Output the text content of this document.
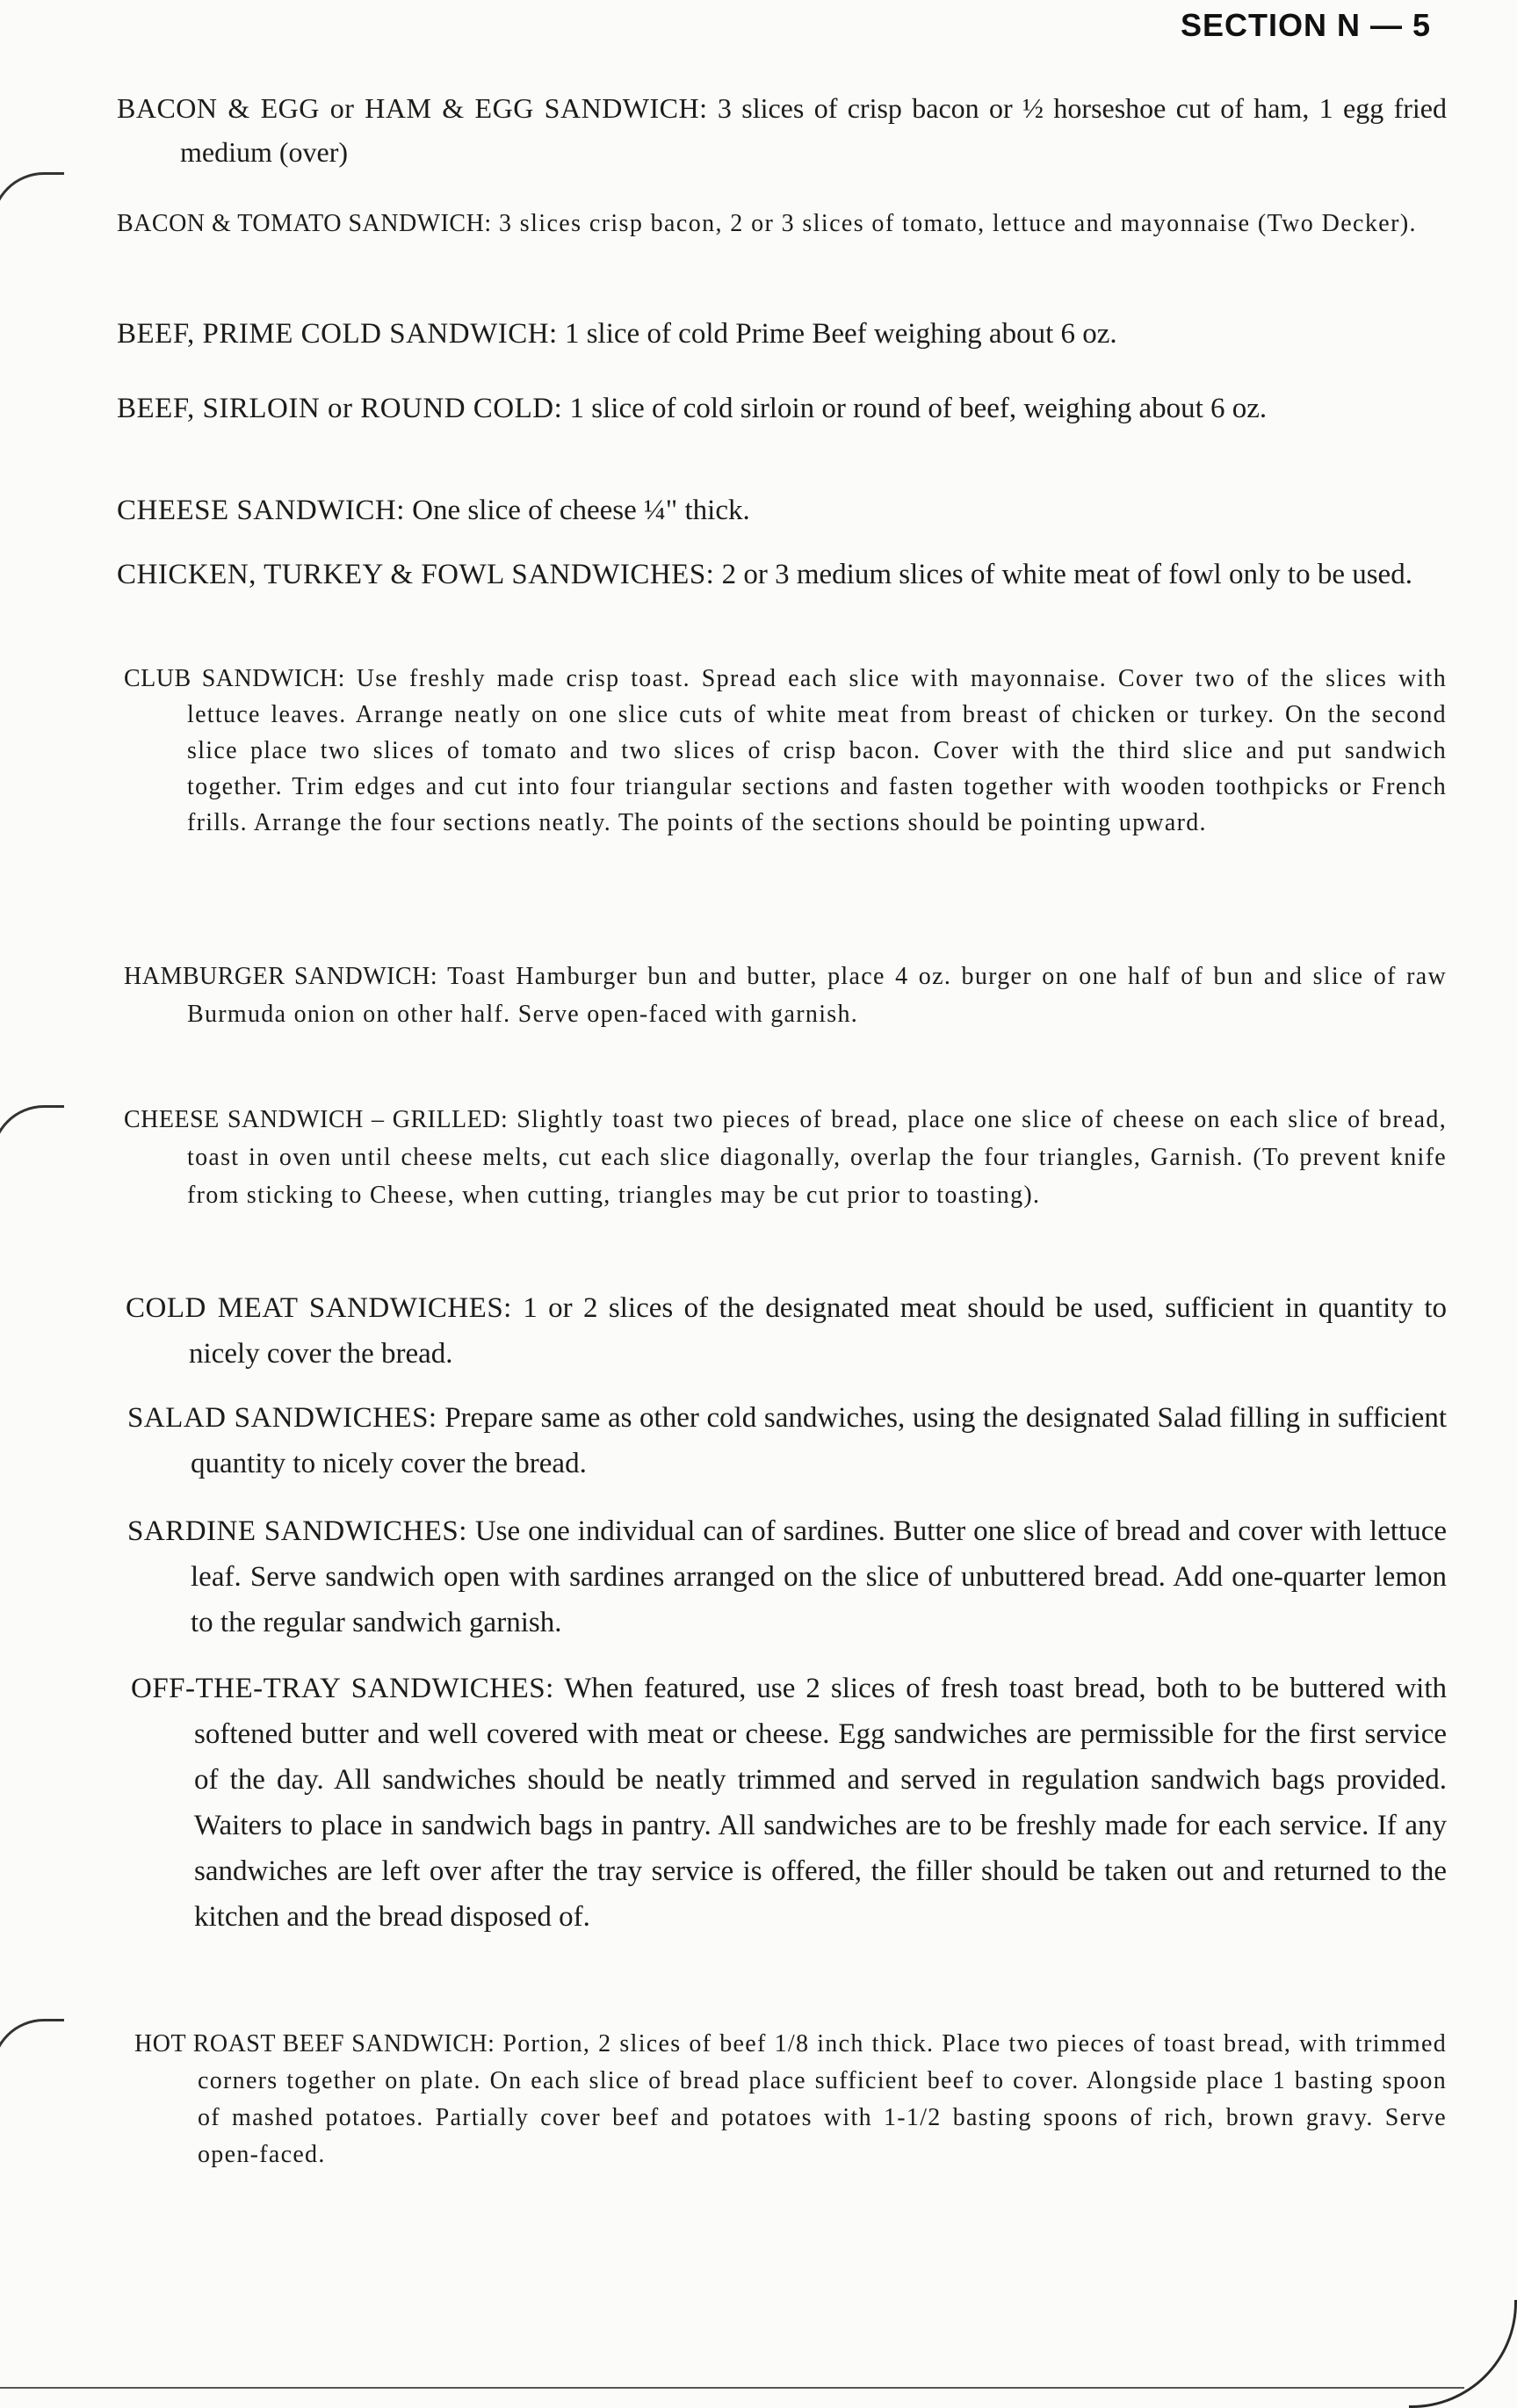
SECTION N — 5
BACON & EGG or HAM & EGG SANDWICH: 3 slices of crisp bacon or ½ horseshoe cut of ham, 1 egg fried medium (over)
BACON & TOMATO SANDWICH: 3 slices crisp bacon, 2 or 3 slices of tomato, lettuce and mayonnaise (Two Decker).
BEEF, PRIME COLD SANDWICH: 1 slice of cold Prime Beef weighing about 6 oz.
BEEF, SIRLOIN or ROUND COLD: 1 slice of cold sirloin or round of beef, weighing about 6 oz.
CHEESE SANDWICH: One slice of cheese ¼" thick.
CHICKEN, TURKEY & FOWL SANDWICHES: 2 or 3 medium slices of white meat of fowl only to be used.
CLUB SANDWICH: Use freshly made crisp toast. Spread each slice with mayonnaise. Cover two of the slices with lettuce leaves. Arrange neatly on one slice cuts of white meat from breast of chicken or turkey. On the second slice place two slices of tomato and two slices of crisp bacon. Cover with the third slice and put sandwich together. Trim edges and cut into four triangular sections and fasten together with wooden toothpicks or French frills. Arrange the four sections neatly. The points of the sections should be pointing upward.
HAMBURGER SANDWICH: Toast Hamburger bun and butter, place 4 oz. burger on one half of bun and slice of raw Burmuda onion on other half. Serve open-faced with garnish.
CHEESE SANDWICH – GRILLED: Slightly toast two pieces of bread, place one slice of cheese on each slice of bread, toast in oven until cheese melts, cut each slice diagonally, overlap the four triangles, Garnish. (To prevent knife from sticking to Cheese, when cutting, triangles may be cut prior to toasting).
COLD MEAT SANDWICHES: 1 or 2 slices of the designated meat should be used, sufficient in quantity to nicely cover the bread.
SALAD SANDWICHES: Prepare same as other cold sandwiches, using the designated Salad filling in sufficient quantity to nicely cover the bread.
SARDINE SANDWICHES: Use one individual can of sardines. Butter one slice of bread and cover with lettuce leaf. Serve sandwich open with sardines arranged on the slice of unbuttered bread. Add one-quarter lemon to the regular sandwich garnish.
OFF-THE-TRAY SANDWICHES: When featured, use 2 slices of fresh toast bread, both to be buttered with softened butter and well covered with meat or cheese. Egg sandwiches are permissible for the first service of the day. All sandwiches should be neatly trimmed and served in regulation sandwich bags provided. Waiters to place in sandwich bags in pantry. All sandwiches are to be freshly made for each service. If any sandwiches are left over after the tray service is offered, the filler should be taken out and returned to the kitchen and the bread disposed of.
HOT ROAST BEEF SANDWICH: Portion, 2 slices of beef 1/8 inch thick. Place two pieces of toast bread, with trimmed corners together on plate. On each slice of bread place sufficient beef to cover. Alongside place 1 basting spoon of mashed potatoes. Partially cover beef and potatoes with 1-1/2 basting spoons of rich, brown gravy. Serve open-faced.
